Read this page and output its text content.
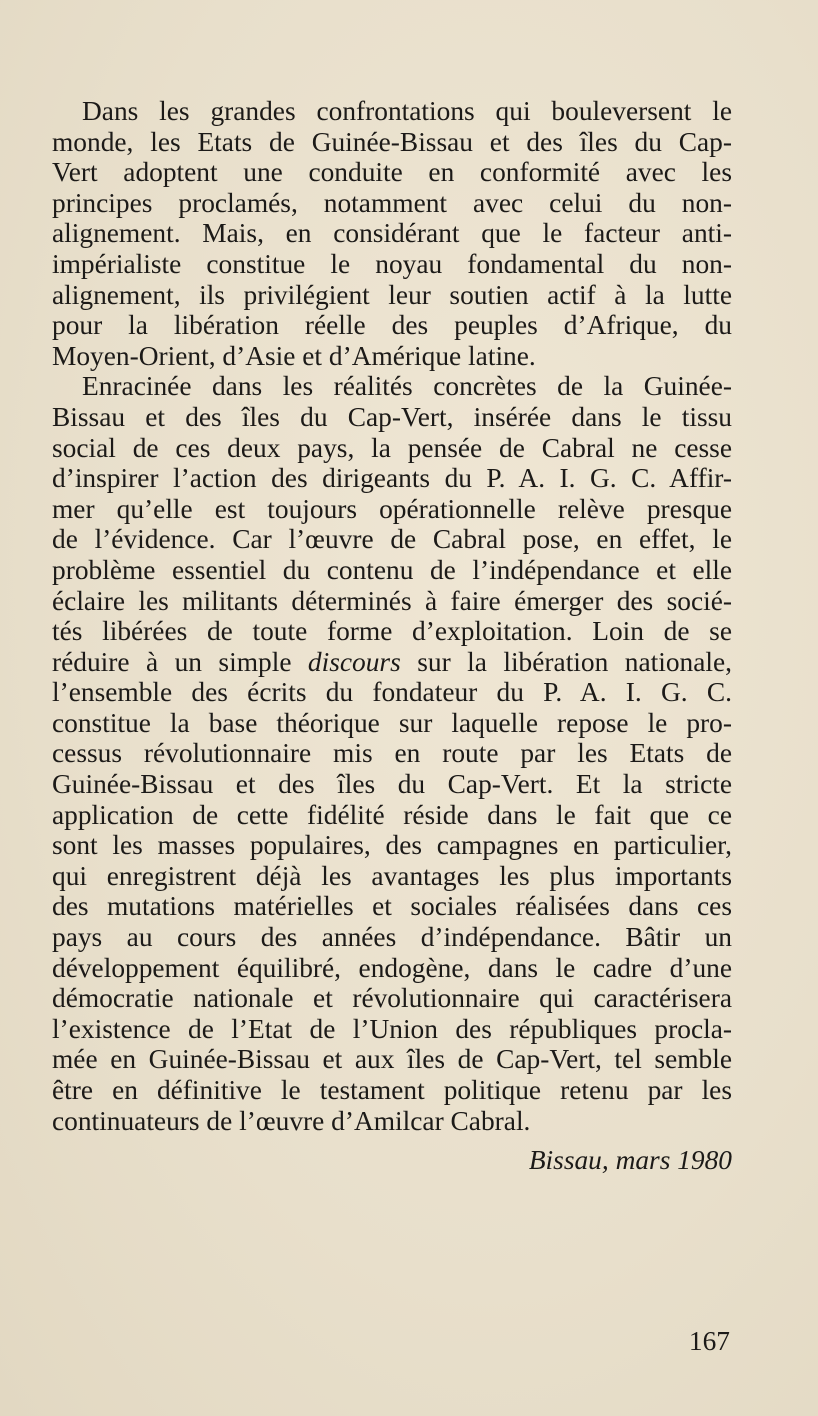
Dans les grandes confrontations qui bouleversent le
monde, les Etats de Guinée-Bissau et des îles du Cap-
Vert adoptent une conduite en conformité avec les
principes proclamés, notamment avec celui du non-
alignement. Mais, en considérant que le facteur anti-
impérialiste constitue le noyau fondamental du non-
alignement, ils privilégient leur soutien actif à la lutte
pour la libération réelle des peuples d’Afrique, du
Moyen-Orient, d’Asie et d’Amérique latine.
Enracinée dans les réalités concrètes de la Guinée-
Bissau et des îles du Cap-Vert, insérée dans le tissu
social de ces deux pays, la pensée de Cabral ne cesse
d’inspirer l’action des dirigeants du P. A. I. G. C. Affir-
mer qu’elle est toujours opérationnelle relève presque
de l’évidence. Car l’œuvre de Cabral pose, en effet, le
problème essentiel du contenu de l’indépendance et elle
éclaire les militants déterminés à faire émerger des socié-
tés libérées de toute forme d’exploitation. Loin de se
réduire à un simple discours sur la libération nationale,
l’ensemble des écrits du fondateur du P. A. I. G. C.
constitue la base théorique sur laquelle repose le pro-
cessus révolutionnaire mis en route par les Etats de
Guinée-Bissau et des îles du Cap-Vert. Et la stricte
application de cette fidélité réside dans le fait que ce
sont les masses populaires, des campagnes en particulier,
qui enregistrent déjà les avantages les plus importants
des mutations matérielles et sociales réalisées dans ces
pays au cours des années d’indépendance. Bâtir un
développement équilibré, endogène, dans le cadre d’une
démocratie nationale et révolutionnaire qui caractérisera
l’existence de l’Etat de l’Union des républiques procla-
mée en Guinée-Bissau et aux îles de Cap-Vert, tel semble
être en définitive le testament politique retenu par les
continuateurs de l’œuvre d’Amilcar Cabral.
Bissau, mars 1980
167
